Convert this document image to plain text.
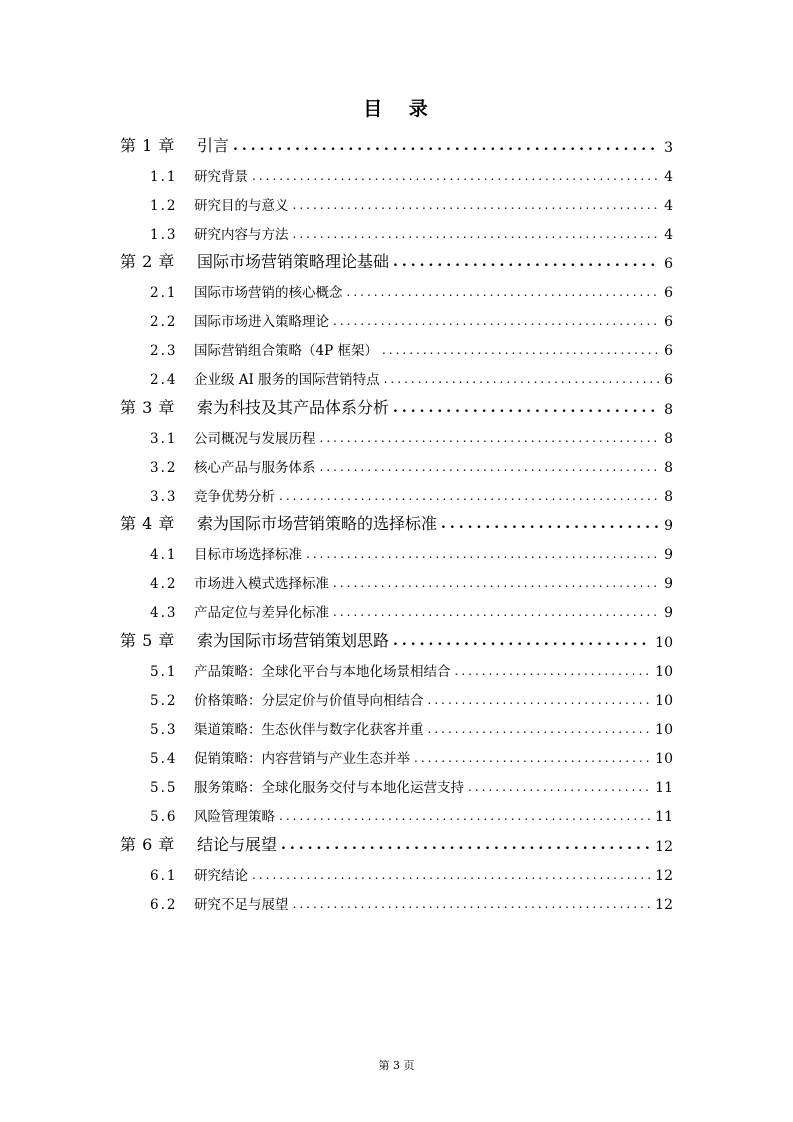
目 录
第 1 章	引言 .....	3
1.1	研究背景 .....	4
1.2	研究目的与意义 .....	4
1.3	研究内容与方法 .....	4
第 2 章	国际市场营销策略理论基础 .....	6
2.1	国际市场营销的核心概念 .....	6
2.2	国际市场进入策略理论 .....	6
2.3	国际营销组合策略（4P 框架） .....	6
2.4	企业级 AI 服务的国际营销特点 .....	6
第 3 章	索为科技及其产品体系分析 .....	8
3.1	公司概况与发展历程 .....	8
3.2	核心产品与服务体系 .....	8
3.3	竞争优势分析 .....	8
第 4 章	索为国际市场营销策略的选择标准 .....	9
4.1	目标市场选择标准 .....	9
4.2	市场进入模式选择标准 .....	9
4.3	产品定位与差异化标准 .....	9
第 5 章	索为国际市场营销策划思路 .....	10
5.1	产品策略：全球化平台与本地化场景相结合 .....	10
5.2	价格策略：分层定价与价值导向相结合 .....	10
5.3	渠道策略：生态伙伴与数字化获客并重 .....	10
5.4	促销策略：内容营销与产业生态并举 .....	10
5.5	服务策略：全球化服务交付与本地化运营支持 .....	11
5.6	风险管理策略 .....	11
第 6 章	结论与展望 .....	12
6.1	研究结论 .....	12
6.2	研究不足与展望 .....	12
第 3 页
